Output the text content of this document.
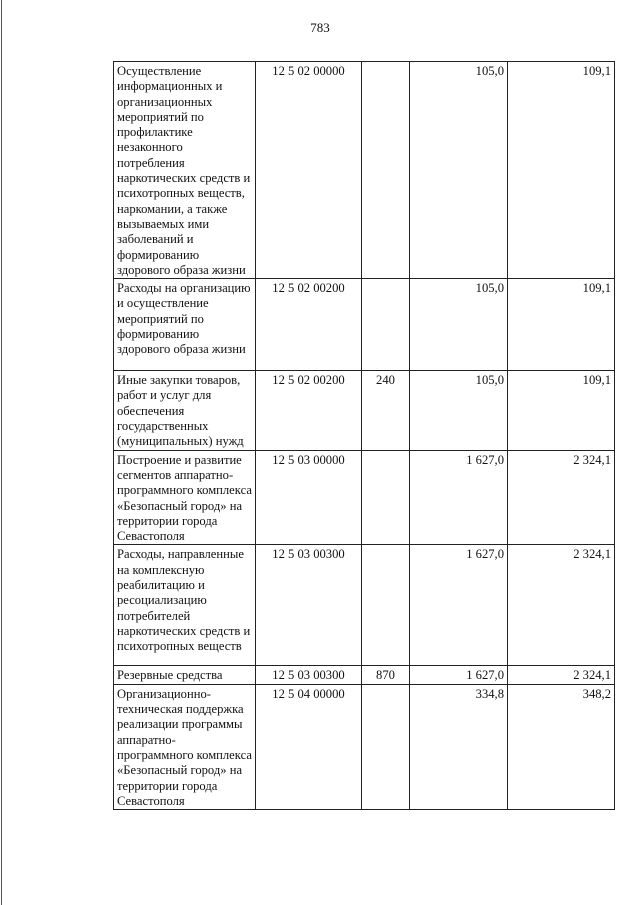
783
Осуществление информационных и организационных мероприятий по профилактике незаконного потребления наркотических средств и психотропных веществ, наркомании, а также вызываемых ими заболеваний и формированию здорового образа жизни	12 5 02 00000		105,0	109,1
Расходы на организацию и осуществление мероприятий по формированию здорового образа жизни	12 5 02 00200		105,0	109,1
Иные закупки товаров, работ и услуг для обеспечения государственных (муниципальных) нужд	12 5 02 00200	240	105,0	109,1
Построение и развитие сегментов аппаратно-программного комплекса «Безопасный город» на территории города Севастополя	12 5 03 00000		1 627,0	2 324,1
Расходы, направленные на комплексную реабилитацию и ресоциализацию потребителей наркотических средств и психотропных веществ	12 5 03 00300		1 627,0	2 324,1
Резервные средства	12 5 03 00300	870	1 627,0	2 324,1
Организационно-техническая поддержка реализации программы аппаратно-программного комплекса «Безопасный город» на территории города Севастополя	12 5 04 00000		334,8	348,2
